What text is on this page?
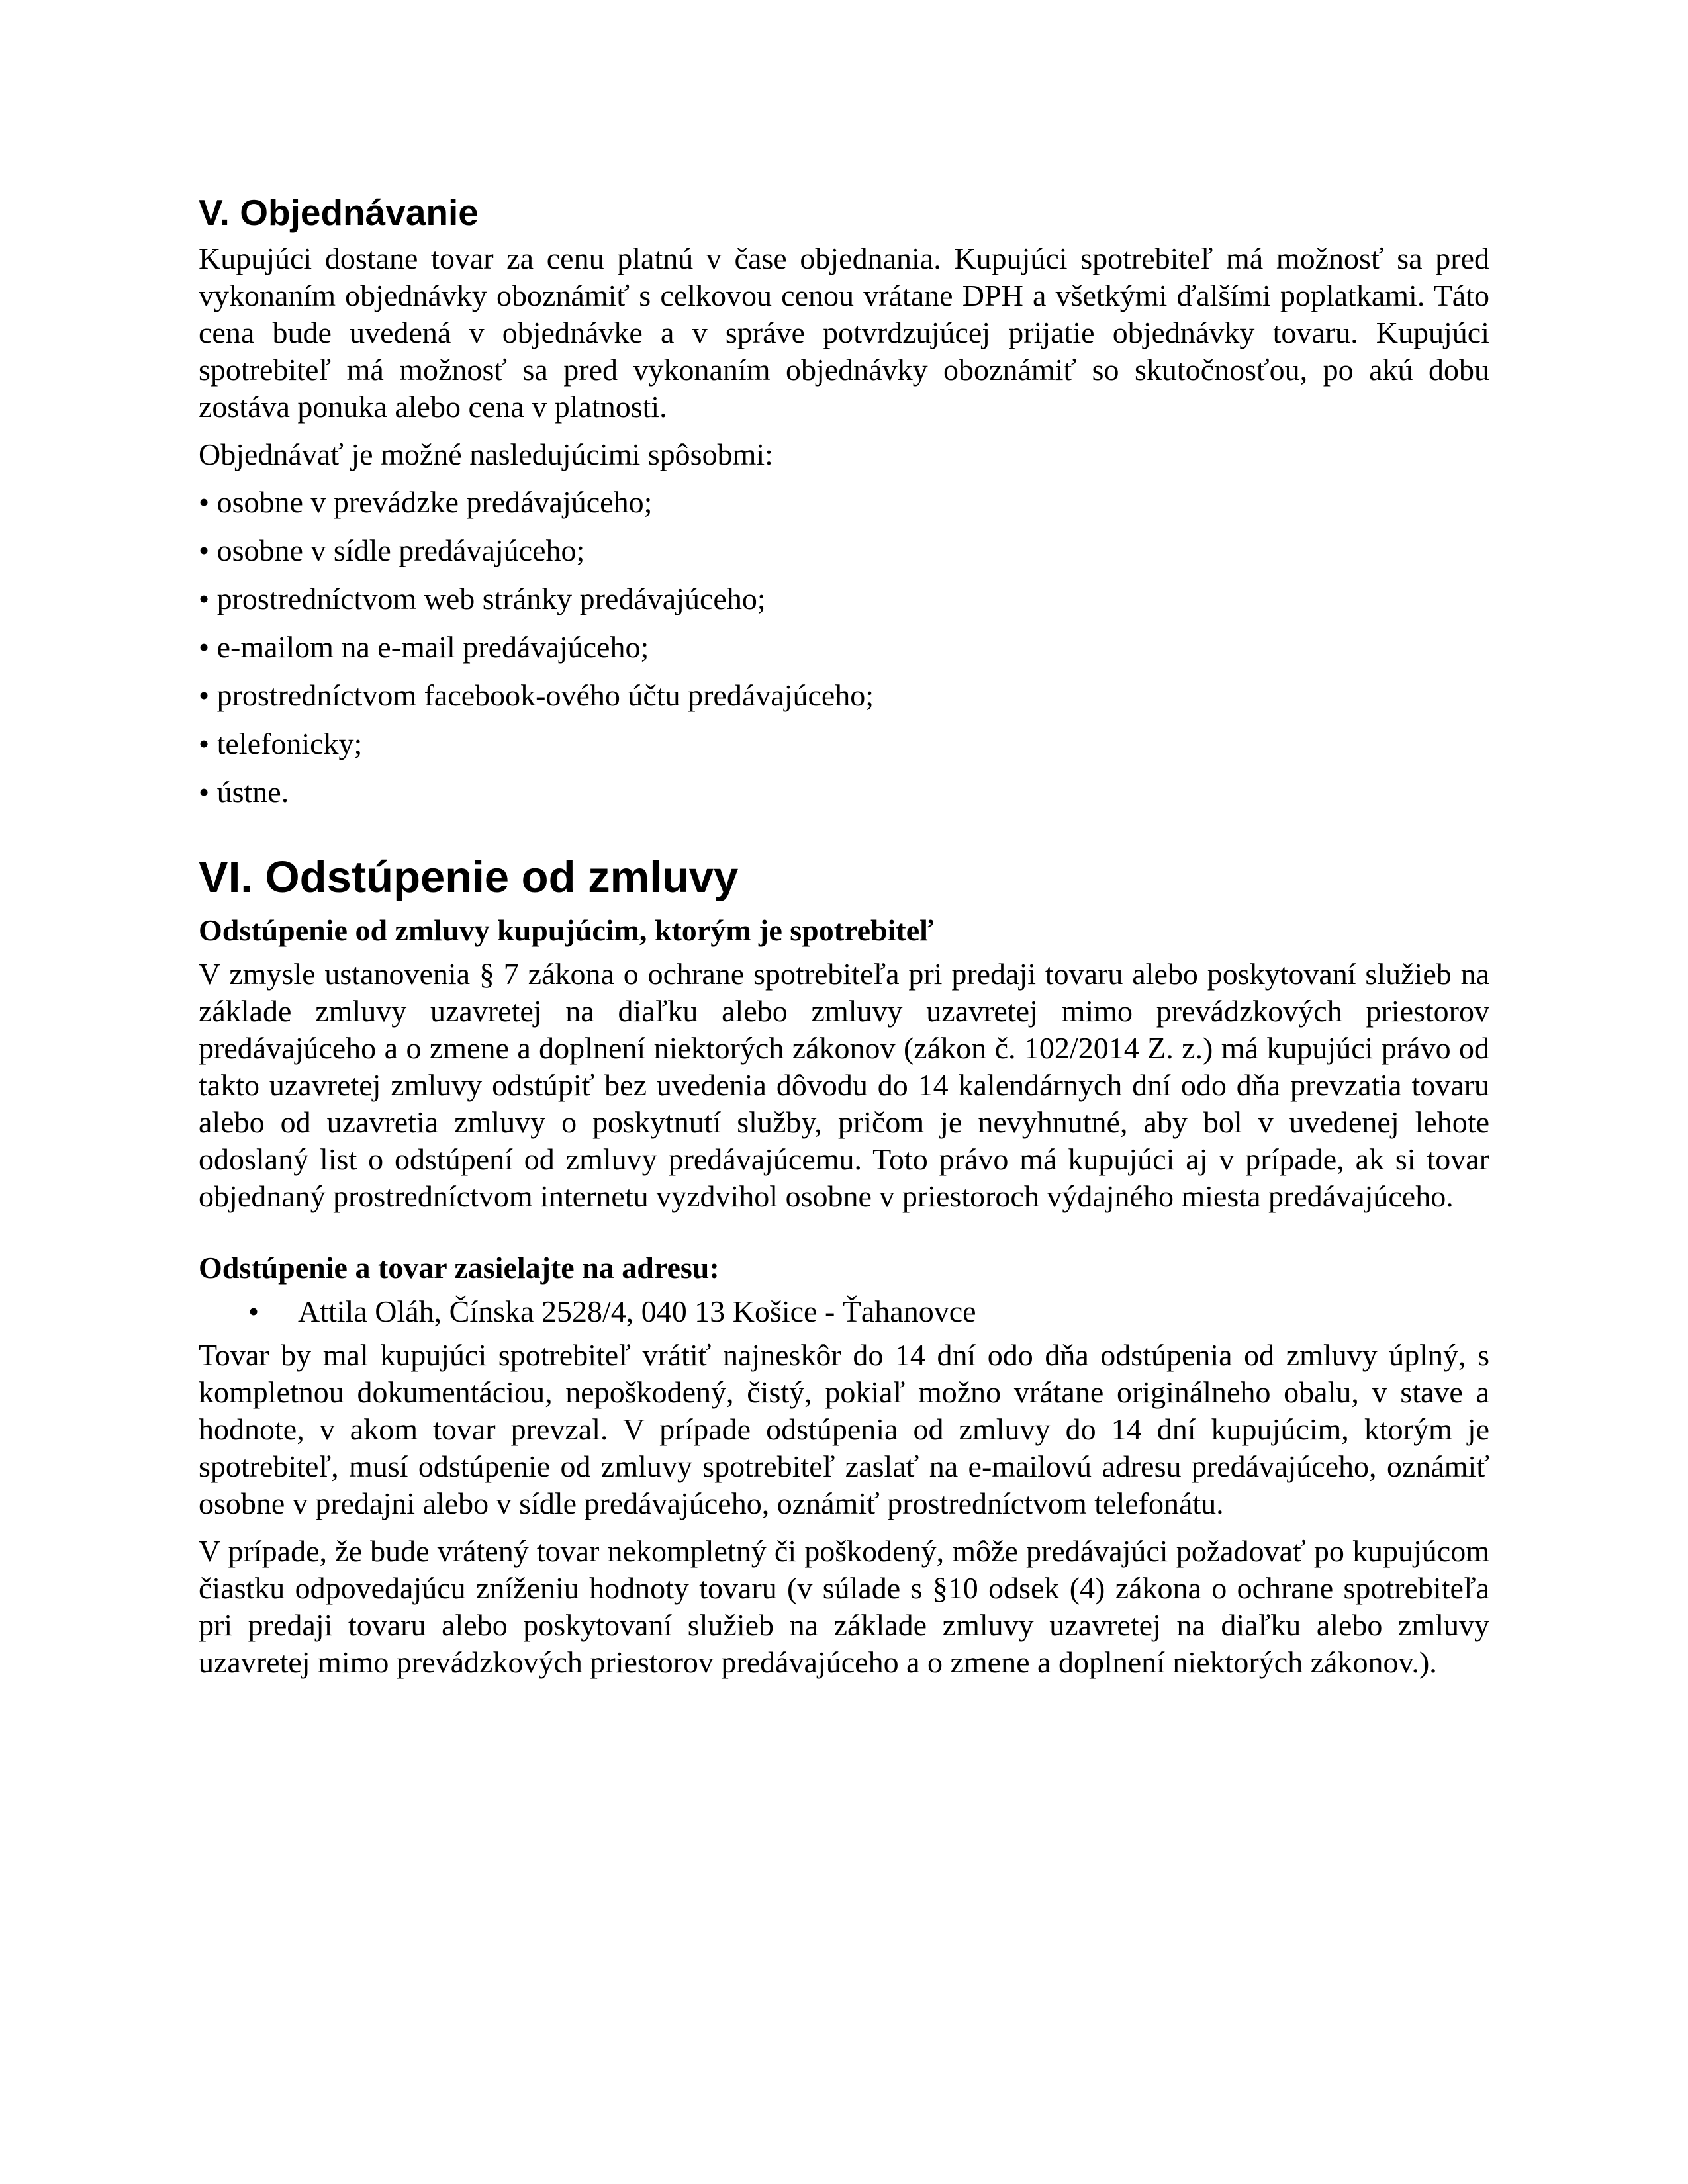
V. Objednávanie

Kupujúci dostane tovar za cenu platnú v čase objednania. Kupujúci spotrebiteľ má možnosť sa pred vykonaním objednávky oboznámiť s celkovou cenou vrátane DPH a všetkými ďalšími poplatkami. Táto cena bude uvedená v objednávke a v správe potvrdzujúcej prijatie objednávky tovaru. Kupujúci spotrebiteľ má možnosť sa pred vykonaním objednávky oboznámiť so skutočnosťou, po akú dobu zostáva ponuka alebo cena v platnosti.

Objednávať je možné nasledujúcimi spôsobmi:

• osobne v prevádzke predávajúceho;
• osobne v sídle predávajúceho;
• prostredníctvom web stránky predávajúceho;
• e-mailom na e-mail predávajúceho;
• prostredníctvom facebook-ového účtu predávajúceho;
• telefonicky;
• ústne.
VI. Odstúpenie od zmluvy

Odstúpenie od zmluvy kupujúcim, ktorým je spotrebiteľ

V zmysle ustanovenia § 7 zákona o ochrane spotrebiteľa pri predaji tovaru alebo poskytovaní služieb na základe zmluvy uzavretej na diaľku alebo zmluvy uzavretej mimo prevádzkových priestorov predávajúceho a o zmene a doplnení niektorých zákonov (zákon č. 102/2014 Z. z.) má kupujúci právo od takto uzavretej zmluvy odstúpiť bez uvedenia dôvodu do 14 kalendárnych dní odo dňa prevzatia tovaru alebo od uzavretia zmluvy o poskytnutí služby, pričom je nevyhnutné, aby bol v uvedenej lehote odoslaný list o odstúpení od zmluvy predávajúcemu. Toto právo má kupujúci aj v prípade, ak si tovar objednaný prostredníctvom internetu vyzdvihol osobne v priestoroch výdajného miesta predávajúceho.

Odstúpenie a tovar zasielajte na adresu:

•	Attila Oláh, Čínska 2528/4, 040 13 Košice - Ťahanovce

Tovar by mal kupujúci spotrebiteľ vrátiť najneskôr do 14 dní odo dňa odstúpenia od zmluvy úplný, s kompletnou dokumentáciou, nepoškodený, čistý, pokiaľ možno vrátane originálneho obalu, v stave a hodnote, v akom tovar prevzal. V prípade odstúpenia od zmluvy do 14 dní kupujúcim, ktorým je spotrebiteľ, musí odstúpenie od zmluvy spotrebiteľ zaslať na e-mailovú adresu predávajúceho, oznámiť osobne v predajni alebo v sídle predávajúceho, oznámiť prostredníctvom telefonátu.

V prípade, že bude vrátený tovar nekompletný či poškodený, môže predávajúci požadovať po kupujúcom čiastku odpovedajúcu zníženiu hodnoty tovaru (v súlade s §10 odsek (4) zákona o ochrane spotrebiteľa pri predaji tovaru alebo poskytovaní služieb na základe zmluvy uzavretej na diaľku alebo zmluvy uzavretej mimo prevádzkových priestorov predávajúceho a o zmene a doplnení niektorých zákonov.).
